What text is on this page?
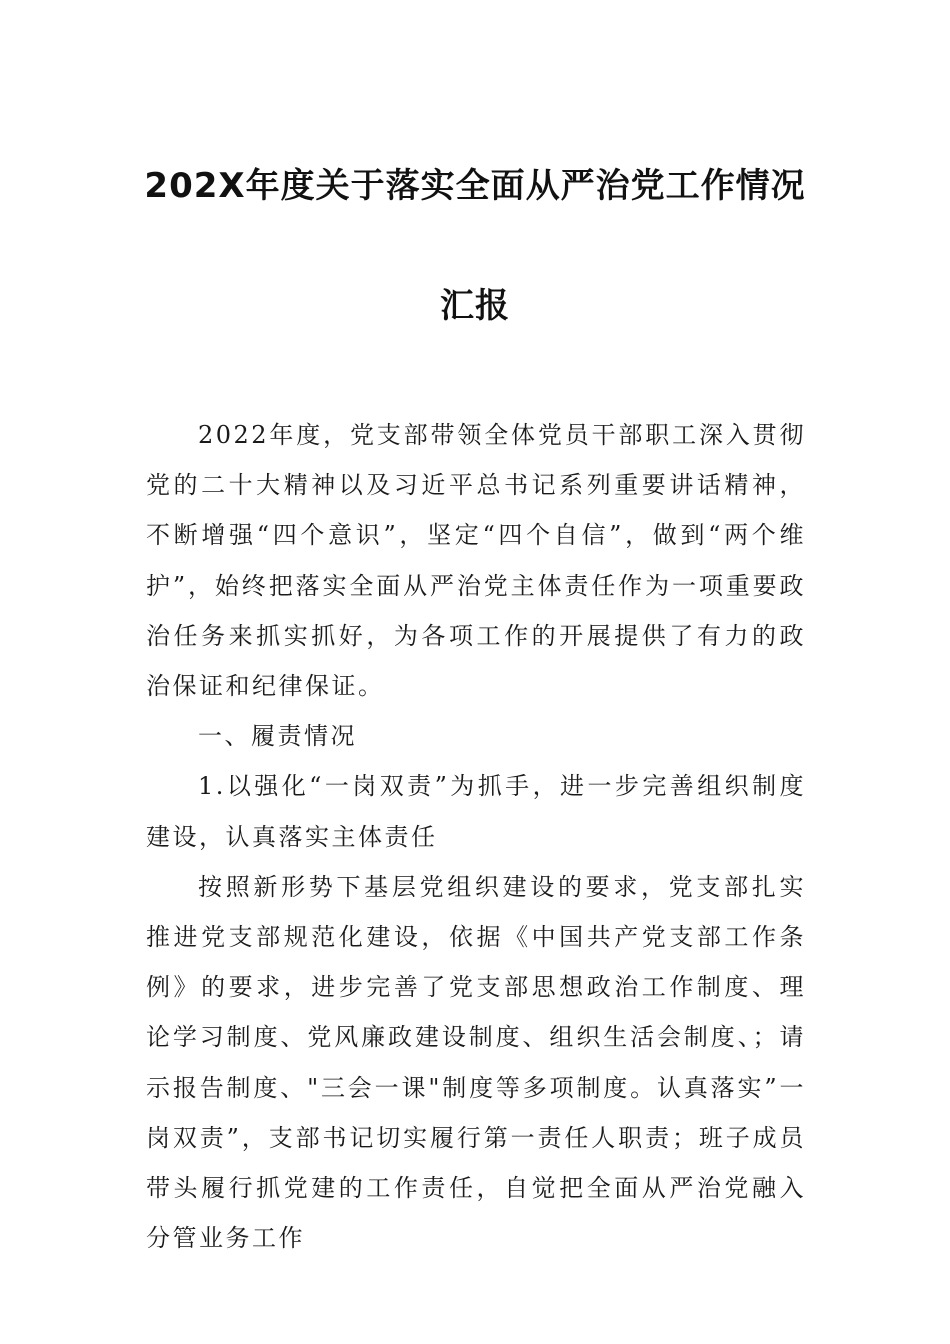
202X年度关于落实全面从严治党工作情况
汇报

2022年度，党支部带领全体党员干部职工深入贯彻党的二十大精神以及习近平总书记系列重要讲话精神，不断增强“四个意识”，坚定“四个自信”，做到“两个维护”，始终把落实全面从严治党主体责任作为一项重要政治任务来抓实抓好，为各项工作的开展提供了有力的政治保证和纪律保证。

一、履责情况

1.以强化“一岗双责”为抓手，进一步完善组织制度建设，认真落实主体责任

按照新形势下基层党组织建设的要求，党支部扎实推进党支部规范化建设，依据《中国共产党支部工作条例》的要求，进步完善了党支部思想政治工作制度、理论学习制度、党风廉政建设制度、组织生活会制度、；请示报告制度、"三会一课"制度等多项制度。认真落实”一岗双责”，支部书记切实履行第一责任人职责；班子成员带头履行抓党建的工作责任，自觉把全面从严治党融入分管业务工作
